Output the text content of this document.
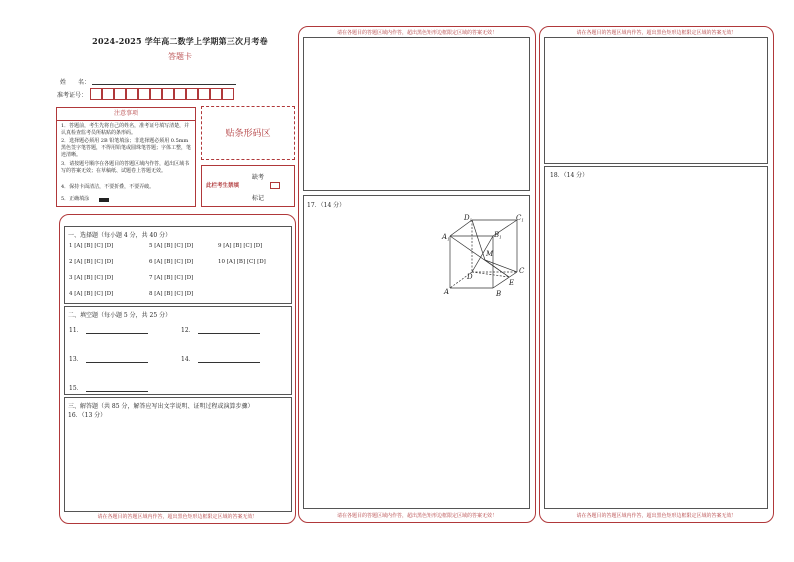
2024-2025 学年高二数学上学期第三次月考卷
答题卡
姓　　名：
准考证号：
注意事项
1．答题前，考生先将自己的姓名，准考证号填写清楚，并认真检查监考员所粘贴的条形码。
2．选择题必须用 2B 铅笔填涂；非选择题必须用 0.5mm 黑色签字笔答题，不得用铅笔或圆珠笔答题；字体工整，笔迹清晰。
3．请按题号顺序在各题目的答题区域内作答，超出区域书写的答案无效；在草稿纸、试题卷上答题无效。
4．保持卡面清洁，不要折叠，不要弄破。
5．正确填涂
贴条形码区
缺考
此栏考生禁填
标记
一、选择题（每小题 4 分，共 40 分）
1 [A] [B] [C] [D]
2 [A] [B] [C] [D]
3 [A] [B] [C] [D]
4 [A] [B] [C] [D]
5 [A] [B] [C] [D]
6 [A] [B] [C] [D]
7 [A] [B] [C] [D]
8 [A] [B] [C] [D]
9 [A] [B] [C] [D]
10 [A] [B] [C] [D]
二、填空题（每小题 5 分，共 25 分）
11．	12．
13．	14．
15．
三、解答题（共 85 分，解答应写出文字说明、证明过程或演算步骤）
16．（13 分）
请在各题目的答题区域内作答，超出黑色矩形边框限定区域的答案无效！
请在各题目的答题区域内作答，超出黑色矩形边框限定区域的答案无效！
17．（14 分）
请在各题目的答题区域内作答，超出黑色矩形边框限定区域的答案无效！
$D_1$	$C_1$
$A_1$	$B_1$
M
D
C
E
A	B
请在各题目的答题区域内作答，超出黑色矩形边框限定区域的答案无效！
18．（14 分）
请在各题目的答题区域内作答，超出黑色矩形边框限定区域的答案无效！
